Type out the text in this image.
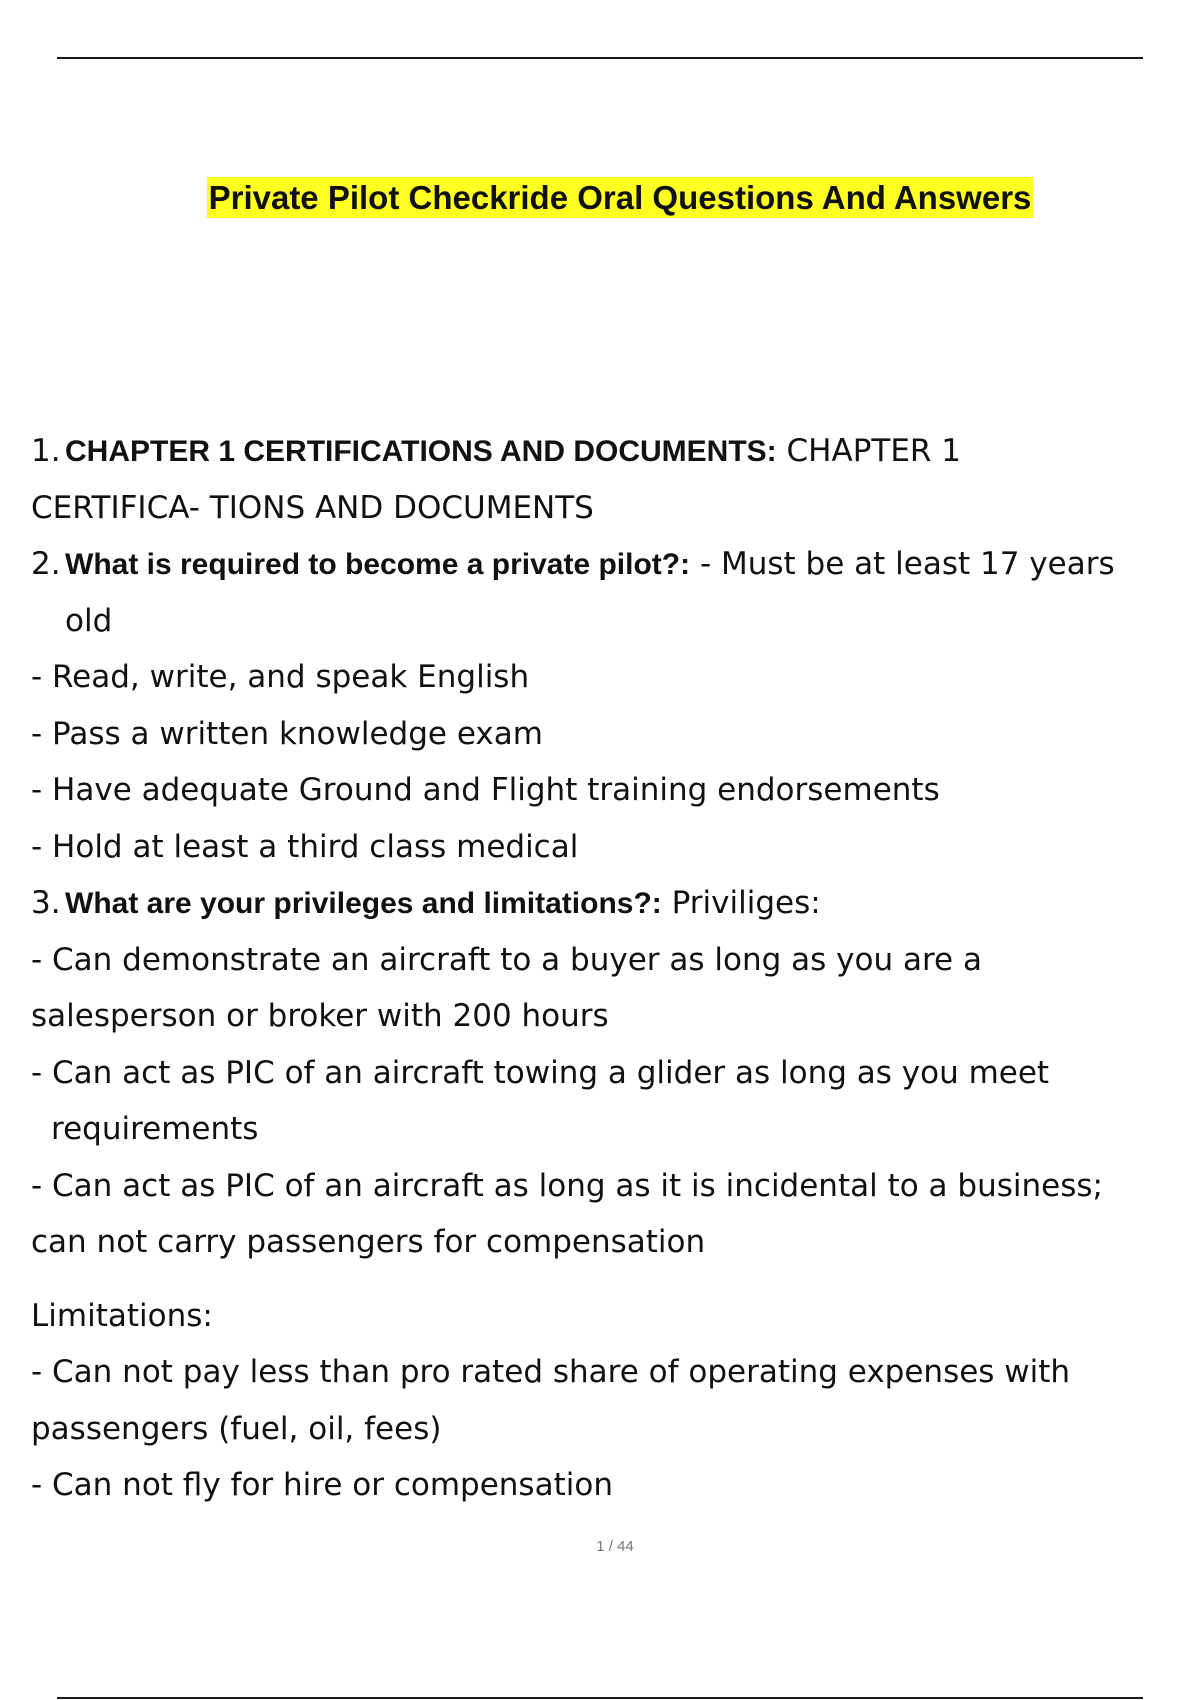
Private Pilot Checkride Oral Questions And Answers
1. CHAPTER 1 CERTIFICATIONS AND DOCUMENTS: CHAPTER 1
CERTIFICA- TIONS AND DOCUMENTS
2. What is required to become a private pilot?: - Must be at least 17 years
old
- Read, write, and speak English
- Pass a written knowledge exam
- Have adequate Ground and Flight training endorsements
- Hold at least a third class medical
3. What are your privileges and limitations?: Priviliges:
- Can demonstrate an aircraft to a buyer as long as you are a
salesperson or broker with 200 hours
- Can act as PIC of an aircraft towing a glider as long as you meet
requirements
- Can act as PIC of an aircraft as long as it is incidental to a business;
can not carry passengers for compensation
Limitations:
- Can not pay less than pro rated share of operating expenses with
passengers (fuel, oil, fees)
- Can not fly for hire or compensation
1 / 44
